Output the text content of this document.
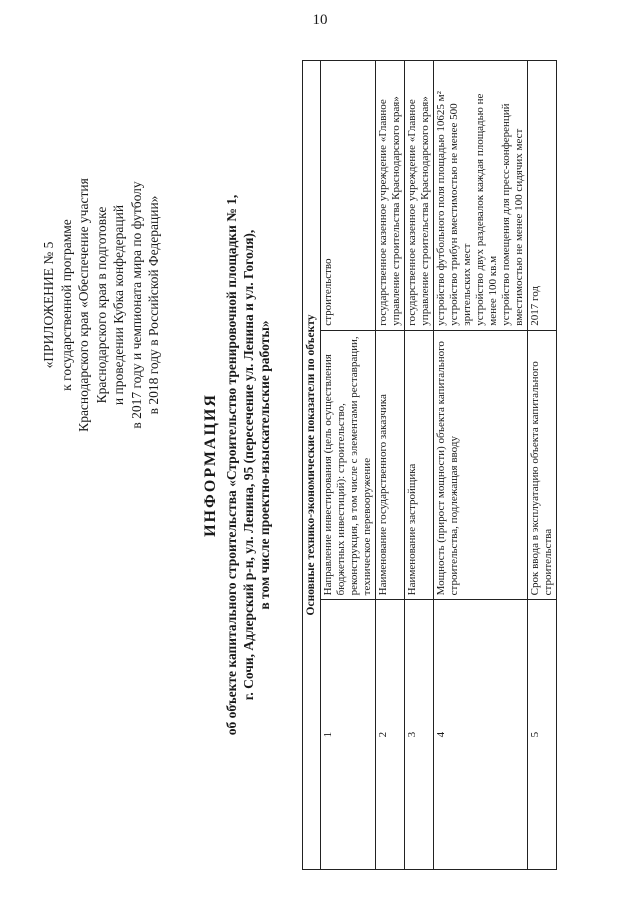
10
«ПРИЛОЖЕНИЕ № 5 к государственной программе Краснодарского края «Обеспечение участия Краснодарского края в подготовке и проведении Кубка конфедераций в 2017 году и чемпионата мира по футболу в 2018 году в Российской Федерации»
ИНФОРМАЦИЯ об объекте капитального строительства «Строительство тренировочной площадки № 1, г. Сочи, Адлерский р-н, ул. Ленина, 95 (пересечение ул. Ленина и ул. Гоголя), в том числе проектно-изыскательские работы»	Основные технико-экономические показатели по объекту		
1	Направление инвестирования (цель осуществления бюджетных инвестиций): строительство, реконструкция, в том числе с элементами реставрации, техническое перевооружение	строительство

2	Наименование государственного заказчика	государственное казенное учреждение «Главное управление строительства Краснодарского края»

3	Наименование застройщика	государственное казенное учреждение «Главное управление строительства Краснодарского края»

4	Мощность (прирост мощности) объекта капитального строительства, подлежащая вводу	устройство футбольного поля площадью 10625 м² устройство трибун вместимостью не менее 500 зрительских мест устройство двух раздевалок каждая площадью не менее 100 кв.м устройство помещения для пресс-конференций вместимостью не менее 100 сидячих мест

5	Срок ввода в эксплуатацию объекта капитального строительства	2017 год
